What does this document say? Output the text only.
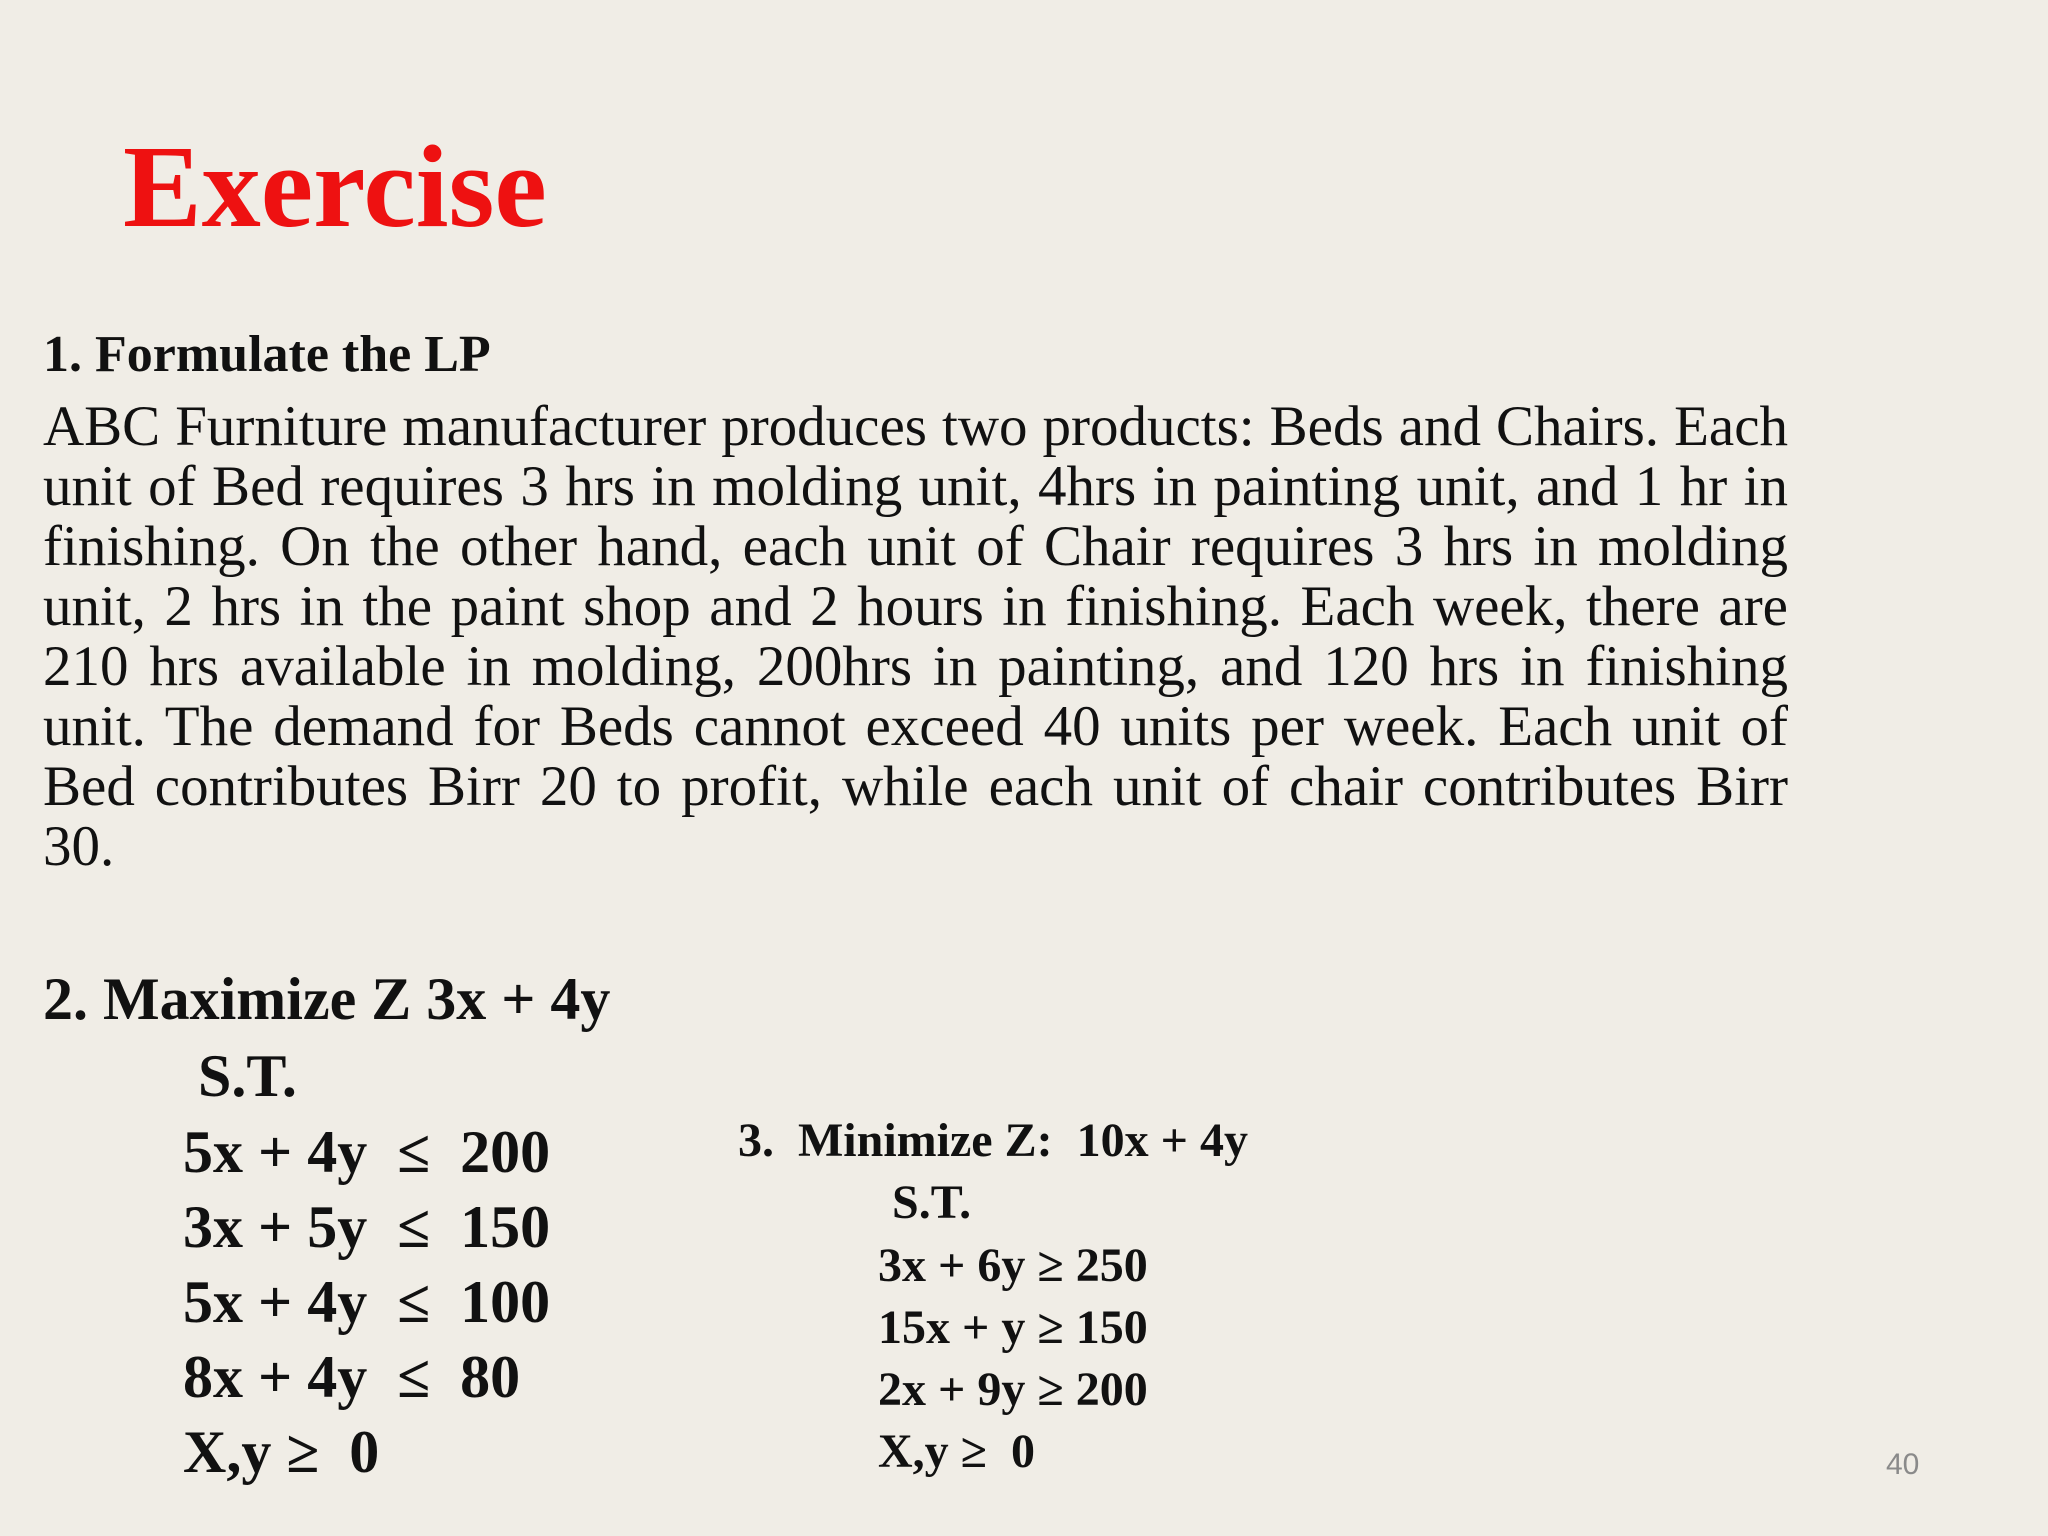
Exercise
1. Formulate the LP

ABC Furniture manufacturer produces two products: Beds and Chairs. Each unit of Bed requires 3 hrs in molding unit, 4hrs in painting unit, and 1 hr in finishing. On the other hand, each unit of Chair requires 3 hrs in molding unit, 2 hrs in the paint shop and 2 hours in finishing. Each week, there are 210 hrs available in molding, 200hrs in painting, and 120 hrs in finishing unit. The demand for Beds cannot exceed 40 units per week. Each unit of Bed contributes Birr 20 to profit, while each unit of chair contributes Birr 30.

2. Maximize Z 3x + 4y
S.T.
5x + 4y  ≤  200
3x + 5y  ≤  150
5x + 4y  ≤  100
8x + 4y  ≤  80
X,y ≥  0
3.  Minimize Z:  10x + 4y
S.T.
3x + 6y ≥ 250
15x + y ≥ 150
2x + 9y ≥ 200
X,y ≥  0	40
